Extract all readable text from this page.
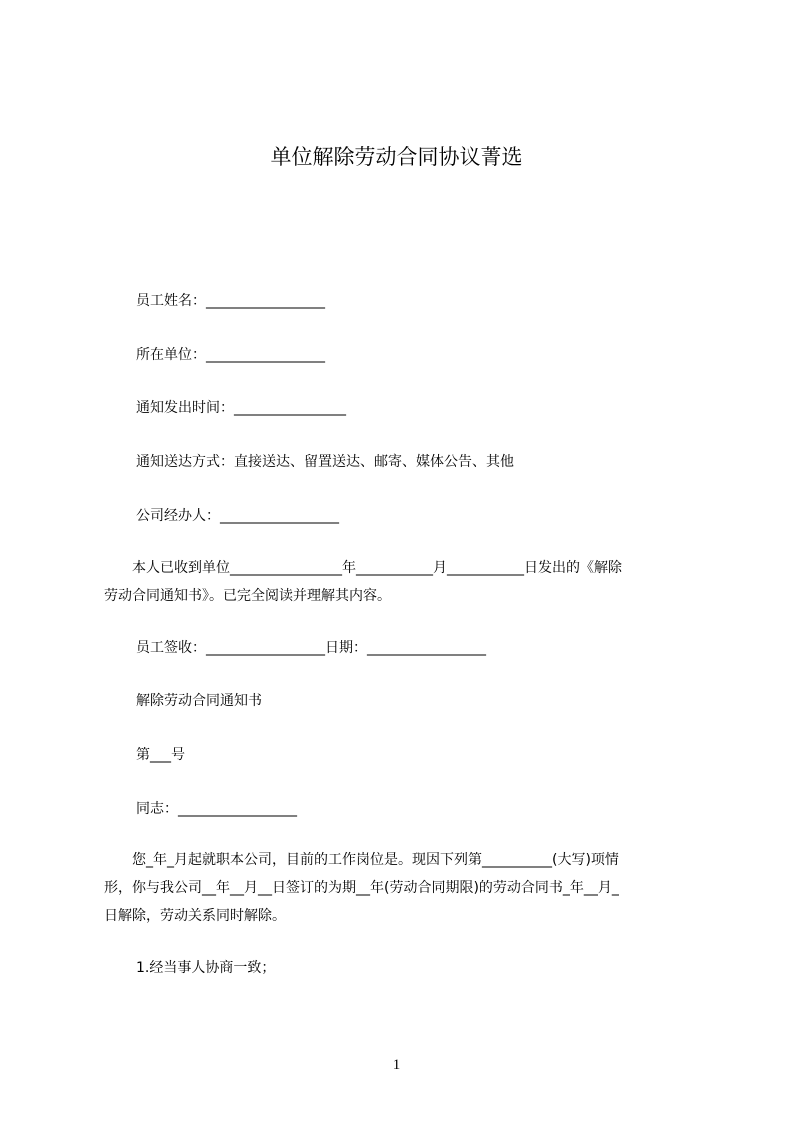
单位解除劳动合同协议菁选
员工姓名：_________________
所在单位：_________________
通知发出时间：________________
通知送达方式：直接送达、留置送达、邮寄、媒体公告、其他
公司经办人：_________________
本人已收到单位________________年___________月___________日发出的《解除
劳动合同通知书》。已完全阅读并理解其内容。
员工签收：_________________日期：_________________
解除劳动合同通知书
第___号
同志：_________________
您_年_月起就职本公司，目前的工作岗位是。现因下列第__________(大写)项情
形，你与我公司__年__月__日签订的为期__年(劳动合同期限)的劳动合同书_年__月_
日解除，劳动关系同时解除。
1.经当事人协商一致；
1
